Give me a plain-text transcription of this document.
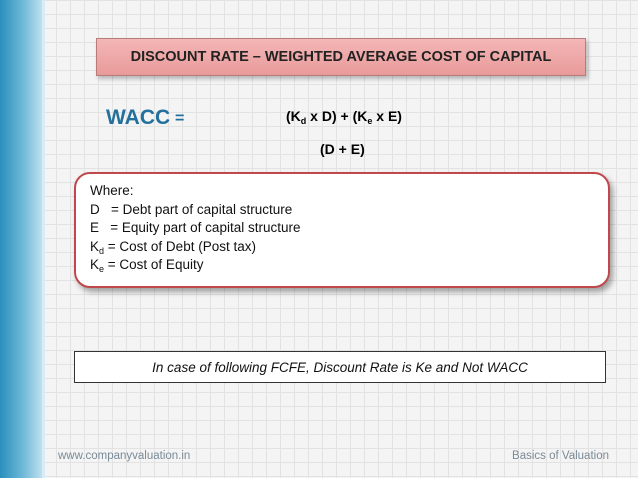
DISCOUNT RATE – WEIGHTED AVERAGE COST OF CAPITAL
WACC =	($K_d$ x $D) + (K_e$ x E)
(D + E)
Where:
D   = Debt part of capital structure
E   = Equity part of capital structure
$K_d$ = Cost of Debt (Post tax)
$K_e$ = Cost of Equity
In case of following FCFE, Discount Rate is Ke and Not WACC
www.companyvaluation.in	Basics of Valuation
